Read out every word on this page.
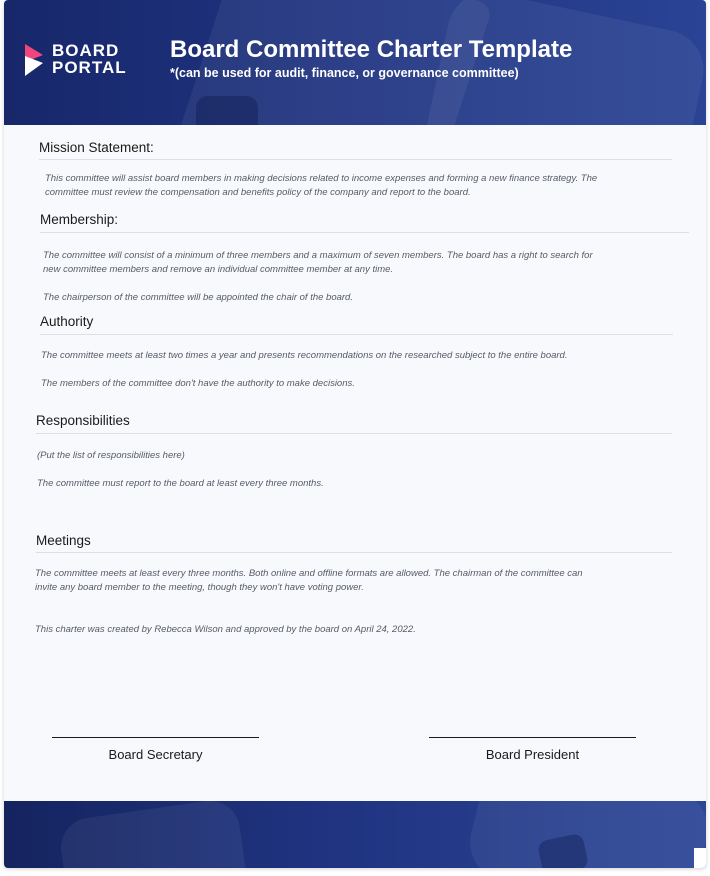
BOARD
PORTAL
Board Committee Charter Template
*(can be used for audit, finance, or governance committee)
Mission Statement:

This committee will assist board members in making decisions related to income expenses and forming a new finance strategy. The

committee must review the compensation and benefits policy of the company and report to the board.

Membership:

The committee will consist of a minimum of three members and a maximum of seven members. The board has a right to search for

new committee members and remove an individual committee member at any time.

The chairperson of the committee will be appointed the chair of the board.

Authority

The committee meets at least two times a year and presents recommendations on the researched subject to the entire board.

The members of the committee don't have the authority to make decisions.

Responsibilities

(Put the list of responsibilities here)

The committee must report to the board at least every three months.

Meetings

The committee meets at least every three months. Both online and offline formats are allowed. The chairman of the committee can

invite any board member to the meeting, though they won't have voting power.

This charter was created by Rebecca Wilson and approved by the board on April 24, 2022.

Board Secretary	Board President
